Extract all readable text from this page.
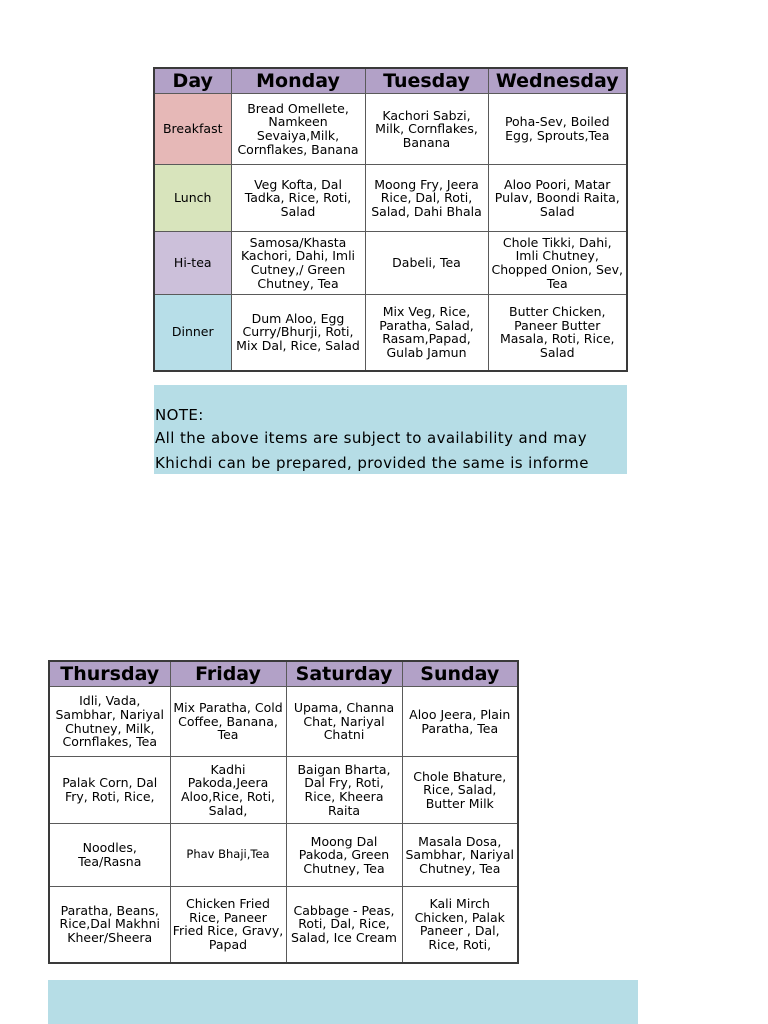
Day	Monday	Tuesday	Wednesday
Breakfast	Bread Omellete, Namkeen Sevaiya,Milk, Cornflakes, Banana	Kachori Sabzi, Milk, Cornflakes, Banana	Poha-Sev, Boiled Egg, Sprouts,Tea
Lunch	Veg Kofta, Dal Tadka, Rice, Roti, Salad	Moong Fry, Jeera Rice, Dal, Roti, Salad, Dahi Bhala	Aloo Poori, Matar Pulav, Boondi Raita, Salad
Hi-tea	Samosa/Khasta Kachori, Dahi, Imli Cutney,/ Green Chutney, Tea	Dabeli, Tea	Chole Tikki, Dahi, Imli Chutney, Chopped Onion, Sev, Tea
Dinner	Dum Aloo, Egg Curry/Bhurji, Roti, Mix Dal, Rice, Salad	Mix Veg, Rice, Paratha, Salad, Rasam,Papad, Gulab Jamun	Butter Chicken, Paneer Butter Masala, Roti, Rice, Salad
NOTE:
All the above items are subject to availability and may
Khichdi can be prepared, provided the same is informe
Thursday	Friday	Saturday	Sunday
Idli, Vada, Sambhar, Nariyal Chutney, Milk, Cornflakes, Tea	Mix Paratha, Cold Coffee, Banana, Tea	Upama, Channa Chat, Nariyal Chatni	Aloo Jeera, Plain Paratha, Tea
Palak Corn, Dal Fry, Roti, Rice,	Kadhi Pakoda,Jeera Aloo,Rice, Roti, Salad,	Baigan Bharta, Dal Fry, Roti, Rice, Kheera Raita	Chole Bhature, Rice, Salad, Butter Milk
Noodles, Tea/Rasna	Phav Bhaji,Tea	Moong Dal Pakoda, Green Chutney, Tea	Masala Dosa, Sambhar, Nariyal Chutney, Tea
Paratha, Beans, Rice,Dal Makhni Kheer/Sheera	Chicken Fried Rice, Paneer Fried Rice, Gravy, Papad	Cabbage - Peas, Roti, Dal, Rice, Salad, Ice Cream	Kali Mirch Chicken, Palak Paneer , Dal, Rice, Roti,
